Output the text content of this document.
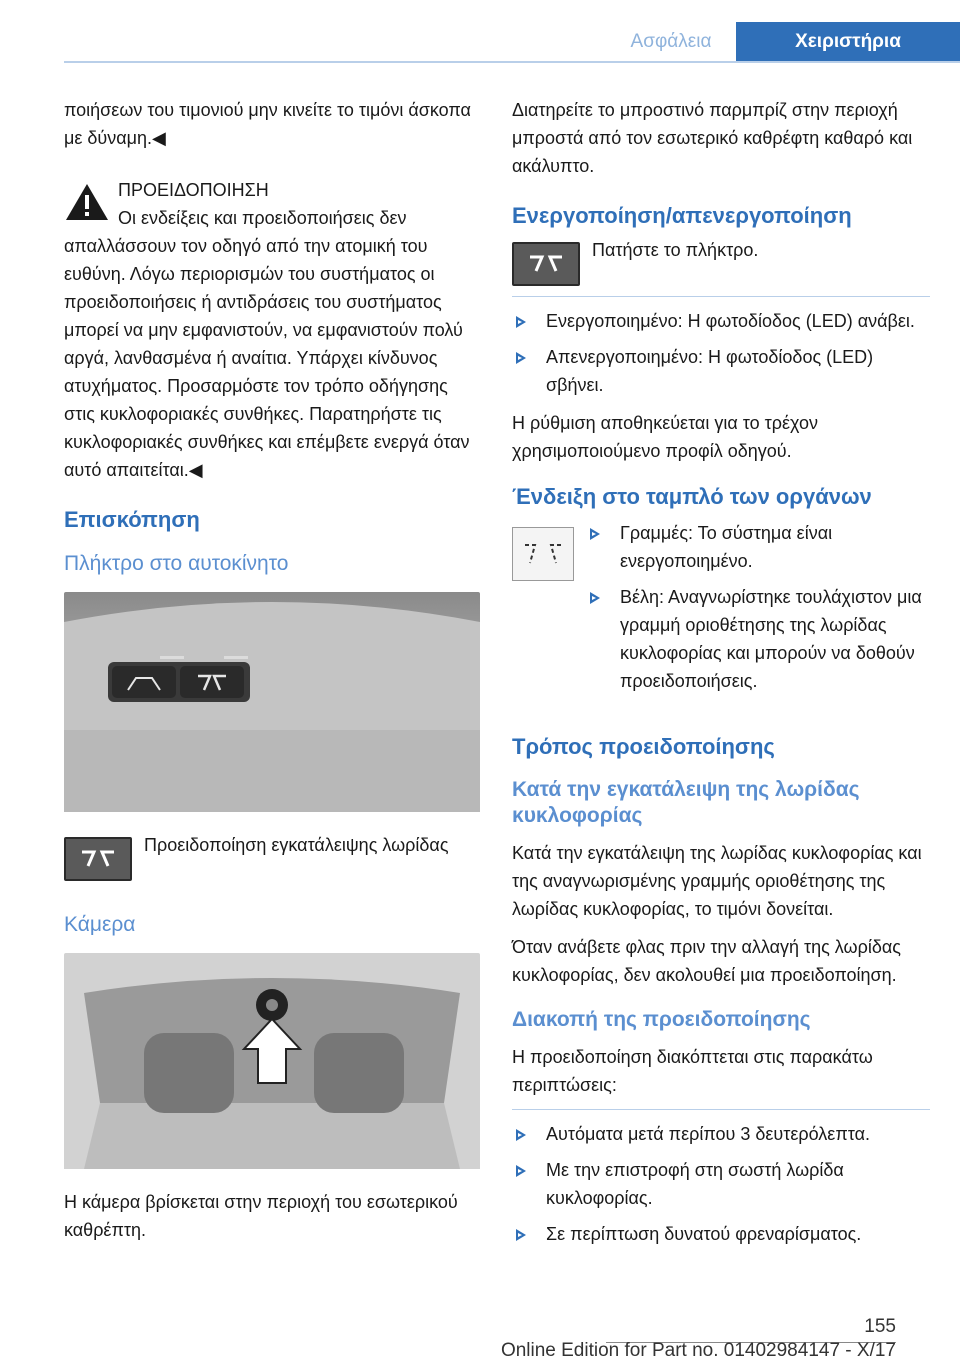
Ασφάλεια	Χειριστήρια

ποιήσεων του τιμονιού μην κινείτε το τιμόνι άσκοπα με δύναμη.◀

ΠΡΟΕΙΔΟΠΟΙΗΣΗ

Οι ενδείξεις και προειδοποιήσεις δεν απαλλάσσουν τον οδηγό από την ατομική του ευθύνη. Λόγω περιορισμών του συστήματος οι προειδοποιήσεις ή αντιδράσεις του συστήματος μπορεί να μην εμφανιστούν, να εμφανιστούν πολύ αργά, λανθασμένα ή αναίτια. Υπάρχει κίνδυνος ατυχήματος. Προσαρμόστε τον τρόπο οδήγησης στις κυκλοφοριακές συνθήκες. Παρατηρήστε τις κυκλοφοριακές συνθήκες και επέμβετε ενεργά όταν αυτό απαιτείται.◀

Επισκόπηση
Πλήκτρο στο αυτοκίνητο

Προειδοποίηση εγκατάλειψης λωρίδας

Κάμερα

Η κάμερα βρίσκεται στην περιοχή του εσωτερικού καθρέπτη.

Διατηρείτε το μπροστινό παρμπρίζ στην περιοχή μπροστά από τον εσωτερικό καθρέφτη καθαρό και ακάλυπτο.

Ενεργοποίηση/απενεργοποίηση

Πατήστε το πλήκτρο.

Ενεργοποιημένο: Η φωτοδίοδος (LED) ανάβει.
Απενεργοποιημένο: Η φωτοδίοδος (LED) σβήνει.

Η ρύθμιση αποθηκεύεται για το τρέχον χρησιμοποιούμενο προφίλ οδηγού.

Ένδειξη στο ταμπλό των οργάνων
Γραμμές: Το σύστημα είναι ενεργοποιημένο.
Βέλη: Αναγνωρίστηκε τουλάχιστον μια γραμμή οριοθέτησης της λωρίδας κυκλοφορίας και μπορούν να δοθούν προειδοποιήσεις.
Τρόπος προειδοποίησης
Κατά την εγκατάλειψη της λωρίδας κυκλοφορίας

Κατά την εγκατάλειψη της λωρίδας κυκλοφορίας και της αναγνωρισμένης γραμμής οριοθέτησης της λωρίδας κυκλοφορίας, το τιμόνι δονείται.

Όταν ανάβετε φλας πριν την αλλαγή της λωρίδας κυκλοφορίας, δεν ακολουθεί μια προειδοποίηση.

Διακοπή της προειδοποίησης

Η προειδοποίηση διακόπτεται στις παρακάτω περιπτώσεις:

Αυτόματα μετά περίπου 3 δευτερόλεπτα.
Με την επιστροφή στη σωστή λωρίδα κυκλοφορίας.
Σε περίπτωση δυνατού φρεναρίσματος.
155
Online Edition for Part no. 01402984147 - X/17
